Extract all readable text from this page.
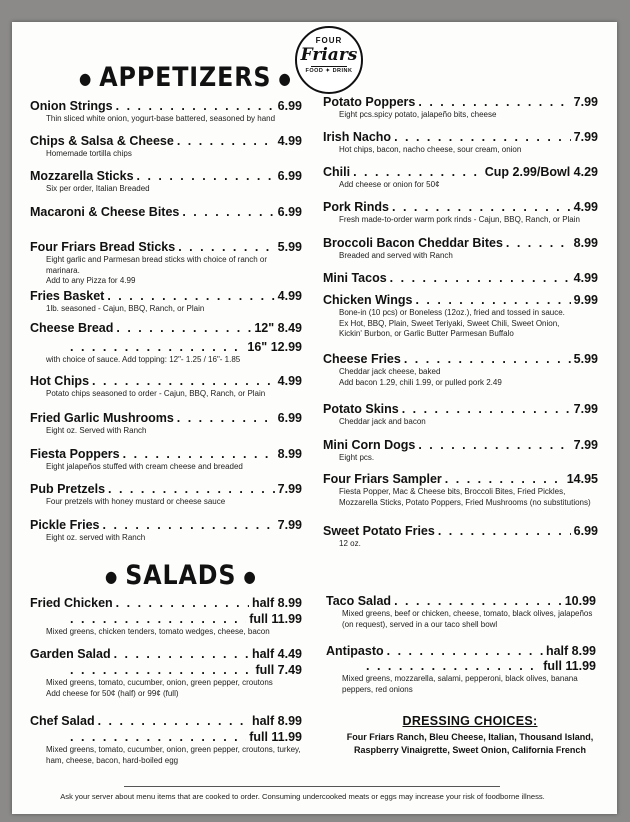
FOUR
Friars
FOOD ✦ DRINK
● APPETIZERS ●
● SALADS ●
Onion Strings . . .	6.99
Thin sliced white onion, yogurt-base battered, seasoned by hand
Chips & Salsa & Cheese . . .	4.99
Homemade tortilla chips
Mozzarella Sticks . . .	6.99
Six per order, Italian Breaded
Macaroni & Cheese Bites . . .	6.99
Four Friars Bread Sticks . . .	5.99
Eight garlic and Parmesan bread sticks with choice of ranch or marinara.
Add to any Pizza for 4.99
Fries Basket . . .	4.99
1lb. seasoned - Cajun, BBQ, Ranch, or Plain
Cheese Bread . . .	12" 8.49
. . .
16" 12.99
with choice of sauce. Add topping: 12"- 1.25 / 16"- 1.85
Hot Chips . . .	4.99
Potato chips seasoned to order - Cajun, BBQ, Ranch, or Plain
Fried Garlic Mushrooms . . .	6.99
Eight oz. Served with Ranch
Fiesta Poppers . . .	8.99
Eight jalapeños stuffed with cream cheese and breaded
Pub Pretzels . . .	7.99
Four pretzels with honey mustard or cheese sauce
Pickle Fries . . .	7.99
Eight oz. served with Ranch
Potato Poppers . . .	7.99
Eight pcs.spicy potato, jalapeño bits, cheese
Irish Nacho . . .	7.99
Hot chips, bacon, nacho cheese, sour cream, onion
Chili . . .	Cup 2.99/Bowl 4.29
Add cheese or onion for 50¢
Pork Rinds . . .	4.99
Fresh made-to-order warm pork rinds - Cajun, BBQ, Ranch, or Plain
Broccoli Bacon Cheddar Bites . . .	8.99
Breaded and served with Ranch
Mini Tacos . . .	4.99
Chicken Wings . . .	9.99
Bone-in (10 pcs) or Boneless (12oz.), fried and tossed in sauce.
Ex Hot, BBQ, Plain, Sweet Teriyaki, Sweet Chili, Sweet Onion,
Kickin' Burbon, or Garlic Butter Parmesan Buffalo
Cheese Fries . . .	5.99
Cheddar jack cheese, baked
Add bacon 1.29, chili 1.99, or pulled pork 2.49
Potato Skins . . .	7.99
Cheddar jack and bacon
Mini Corn Dogs . . .	7.99
Eight pcs.
Four Friars Sampler . . .	14.95
Fiesta Popper, Mac & Cheese bits, Broccoli Bites, Fried Pickles,
Mozzarella Sticks, Potato Poppers, Fried Mushrooms (no substitutions)
Sweet Potato Fries . . .	6.99
12 oz.
Fried Chicken . . .	half 8.99
. . .
full 11.99
Mixed greens, chicken tenders, tomato wedges, cheese, bacon
Garden Salad . . .	half 4.49
. . .
full 7.49
Mixed greens, tomato, cucumber, onion, green pepper, croutons
Add cheese for 50¢ (half) or 99¢ (full)
Chef Salad . . .	half 8.99
. . .
full 11.99
Mixed greens, tomato, cucumber, onion, green pepper, croutons, turkey,
ham, cheese, bacon, hard-boiled egg
Taco Salad . . .	10.99
Mixed greens, beef or chicken, cheese, tomato, black olives, jalapeños
(on request), served in a our taco shell bowl
Antipasto . . .	half 8.99
. . .
full 11.99
Mixed greens, mozzarella, salami, pepperoni, black olives, banana
peppers, red onions
DRESSING CHOICES:
Four Friars Ranch, Bleu Cheese, Italian, Thousand Island,
Raspberry Vinaigrette, Sweet Onion, California French
Ask your server about menu items that are cooked to order. Consuming undercooked meats or eggs may increase your risk of foodborne illness.
